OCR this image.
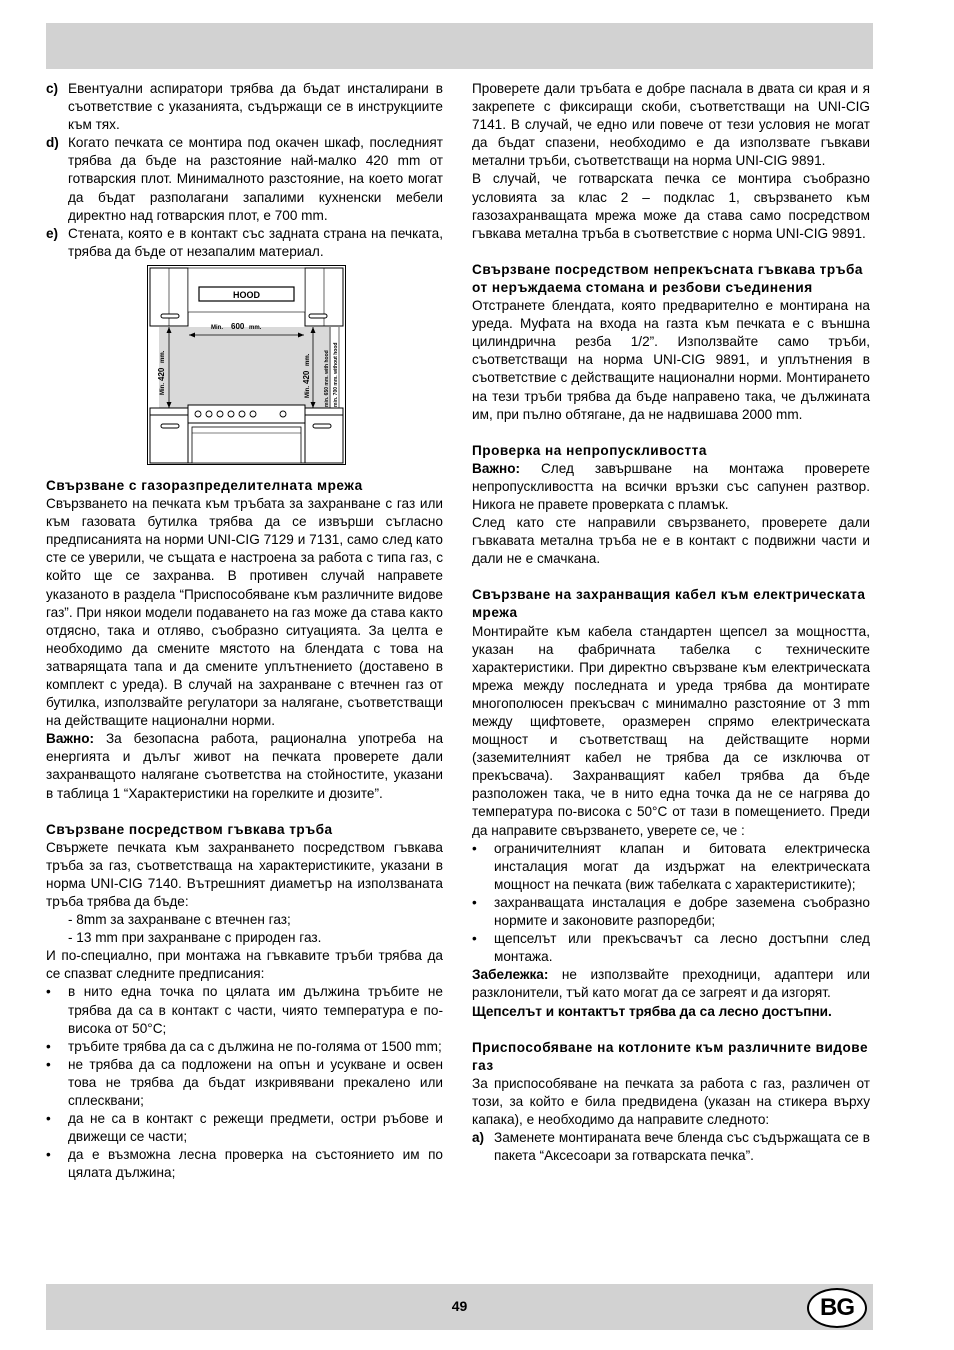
c) Евентуални аспиратори трябва да бъдат инсталирани в съответствие с указанията, съдържащи се в инструкциите към тях.
d) Когато печката се монтира под окачен шкаф, последният трябва да бъде на разстояние най-малко 420 mm от готварския плот. Минималното разстояние, на което могат да бъдат разполагани запалими кухненски мебели директно над готварския плот, е 700 mm.
e) Стената, която е в контакт със задната страна на печката, трябва да бъде от незапалим материал.
HOOD
Min. 600 mm.
Min.
420
mm.
Min.
420
mm.	min. 650 mm. with hood min. 700 mm. without hood

Свързване с газоразпределителната мрежа

Свързването на печката към тръбата за захранване с газ или към газовата бутилка трябва да се извърши съгласно предписанията на норми UNI-CIG 7129 и 7131, само след като сте се уверили, че същата е настроена за работа с типа газ, с който ще се захранва. В противен случай направете указаното в раздела “Приспособяване към различните видове газ”. При някои модели подаването на газ може да става както отдясно, така и отляво, съобразно ситуацията. За целта е необходимо да смените мястото на блендата с това на затварящата тапа и да смените уплътнението (доставено в комплект с уреда). В случай на захранване с втечнен газ от бутилка, използвайте регулатори за налягане, съответстващи на действащите национални норми.

Важно: За безопасна работа, рационална употреба на енергията и дълъг живот на печката проверете дали захранващото налягане съответства на стойностите, указани в таблица 1 “Характеристики на горелките и дюзите”.

Свързване посредством гъвкава тръба

Свържете печката към захранването посредством гъвкава тръба за газ, съответстваща на характеристиките, указани в норма UNI-CIG 7140. Вътрешният диаметър на използваната тръба трябва да бъде:

- 8mm за захранване с втечнен газ;

- 13 mm при захранване с природен газ.

И по-специално, при монтажа на гъвкавите тръби трябва да се спазват следните предписания:

•	в нито една точка по цялата им дължина тръбите не трябва да са в контакт с части, чиято температура е по-висока от 50°C;
•	тръбите трябва да са с дължина не по-голяма от 1500 mm;
•	не трябва да са подложени на опън и усукване и освен това не трябва да бъдат изкривявани прекалено или сплесквани;
•	да не са в контакт с режещи предмети, остри ръбове и движещи се части;
•	да е възможна лесна проверка на състоянието им по цялата дължина;

Проверете дали тръбата е добре паснала в двата си края и я закрепете с фиксиращи скоби, съответстващи на UNI-CIG 7141. В случай, че едно или повече от тези условия не могат да бъдат спазени, необходимо е да използвате гъвкави метални тръби, съответстващи на норма UNI-CIG 9891.

В случай, че готварската печка се монтира съобразно условията за клас 2 – подклас 1, свързването към газозахранващата мрежа може да става само посредством гъвкава метална тръба в съответствие с норма UNI-CIG 9891.

Свързване посредством непрекъсната гъвкава тръба от неръждаема стомана и резбови съединения

Отстранете блендата, която предварително е монтирана на уреда. Муфата на входа на газта към печката е с външна цилиндрична резба 1/2”. Използвайте само тръби, съответстващи на норма UNI-CIG 9891, и уплътнения в съответствие с действащите национални норми. Монтирането на тези тръби трябва да бъде направено така, че дължината им, при пълно обтягане, да не надвишава 2000 mm.

Проверка на непропускливостта

Важно: След завършване на монтажа проверете непропускливостта на всички връзки със сапунен разтвор. Никога не правете проверката с пламък.

След като сте направили свързването, проверете дали гъвкавата метална тръба не е в контакт с подвижни части и дали не е смачкана.

Свързване на захранващия кабел към електрическата мрежа

Монтирайте към кабела стандартен щепсел за мощността, указан на фабричната табелка с техническите характеристики. При директно свързване към електрическата мрежа между последната и уреда трябва да монтирате многополюсен прекъсвач с минимално разстояние от 3 mm между щифтовете, оразмерен спрямо електрическата мощност и съответстващ на действащите норми (заземителният кабел не трябва да се изключва от прекъсвача). Захранващият кабел трябва да бъде разположен така, че в нито една точка да не се нагрява до температура по-висока с 50°C от тази в помещението. Преди да направите свързването, уверете се, че :

•	ограничителният клапан и битовата електрическа инсталация могат да издържат на електрическата мощност на печката (виж табелката с характеристиките);
•	захранващата инсталация е добре заземена съобразно нормите и законовите разпоредби;
•	щепселът или прекъсвачът са лесно достъпни след монтажа.

Забележка: не използвайте преходници, адаптери или разклонители, тъй като могат да се загреят и да изгорят.

Щепселът и контактът трябва да са лесно достъпни.

Приспособяване на котлоните към различните видове газ

За приспособяване на печката за работа с газ, различен от този, за който е била предвидена (указан на стикера върху капака), е необходимо да направите следното:

a) Заменете монтираната вече бленда със съдържащата се в пакета “Аксесоари за готварската печка”.
49	BG
